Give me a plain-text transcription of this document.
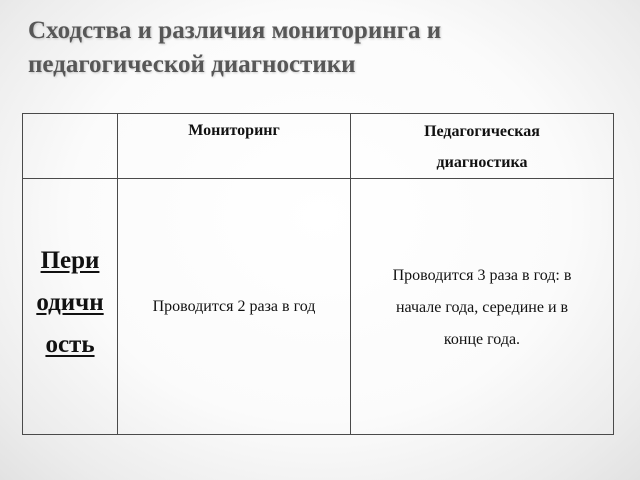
Сходства и различия мониторинга и
педагогической диагностики
Мониторинг	Педагогическая
диагностика
Пери
одичн
ость
Проводится 2 раза в год
Проводится 3 раза в год: в
начале года, середине и в
конце года.
